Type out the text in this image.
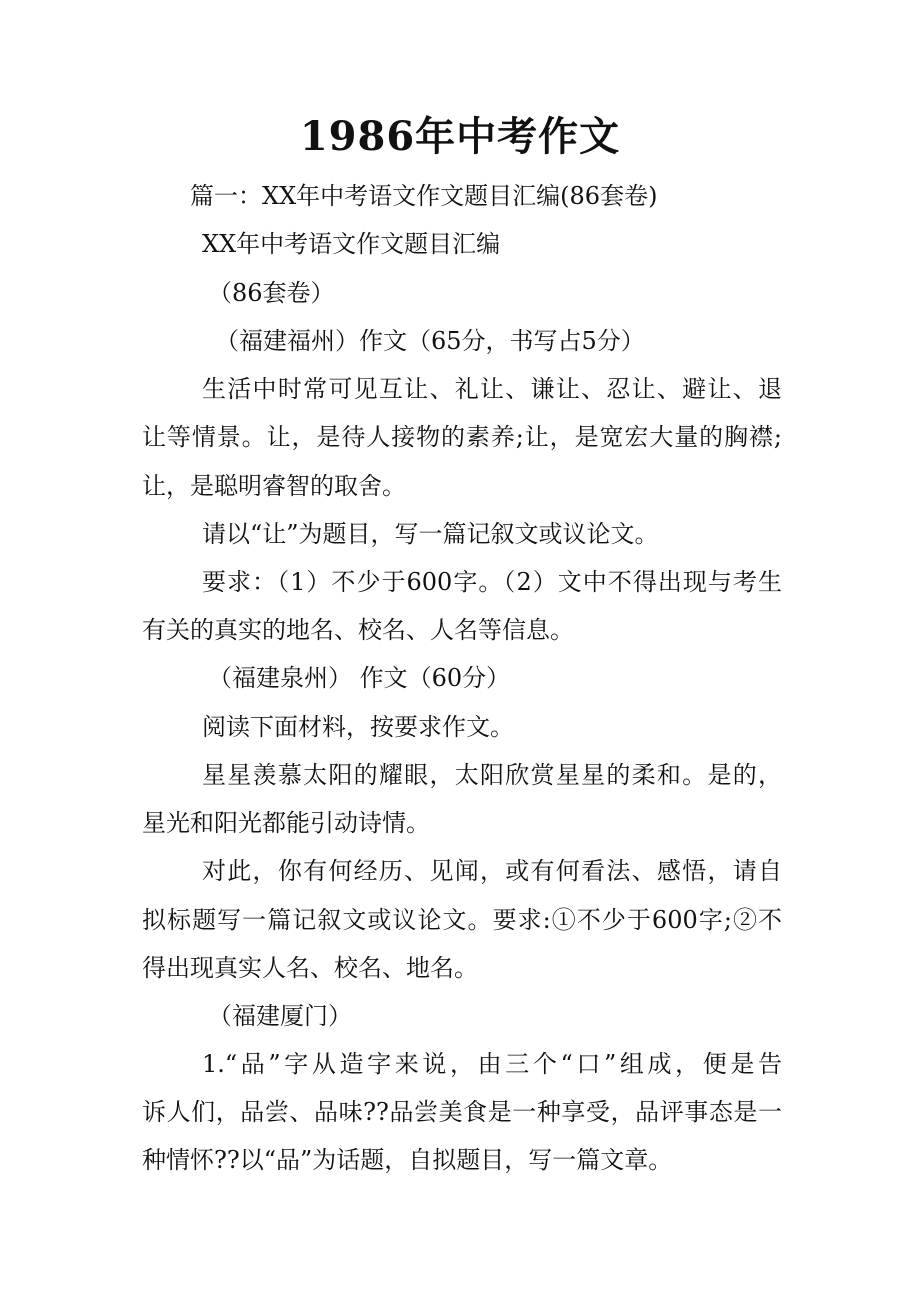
1986年中考作文
篇一：XX年中考语文作文题目汇编(86套卷)
XX年中考语文作文题目汇编
（86套卷）
（福建福州）作文（65分，书写占5分）
生活中时常可见互让、礼让、谦让、忍让、避让、退
让等情景。让，是待人接物的素养;让，是宽宏大量的胸襟;
让，是聪明睿智的取舍。
请以“让”为题目，写一篇记叙文或议论文。
要求：（1）不少于600字。（2）文中不得出现与考生
有关的真实的地名、校名、人名等信息。
（福建泉州） 作文（60分）
阅读下面材料，按要求作文。
星星羡慕太阳的耀眼，太阳欣赏星星的柔和。是的，
星光和阳光都能引动诗情。
对此，你有何经历、见闻，或有何看法、感悟，请自
拟标题写一篇记叙文或议论文。要求:①不少于600字;②不
得出现真实人名、校名、地名。
（福建厦门）
1.“品”字从造字来说，由三个“口”组成，便是告
诉人们，品尝、品味??品尝美食是一种享受，品评事态是一
种情怀??以“品”为话题，自拟题目，写一篇文章。
